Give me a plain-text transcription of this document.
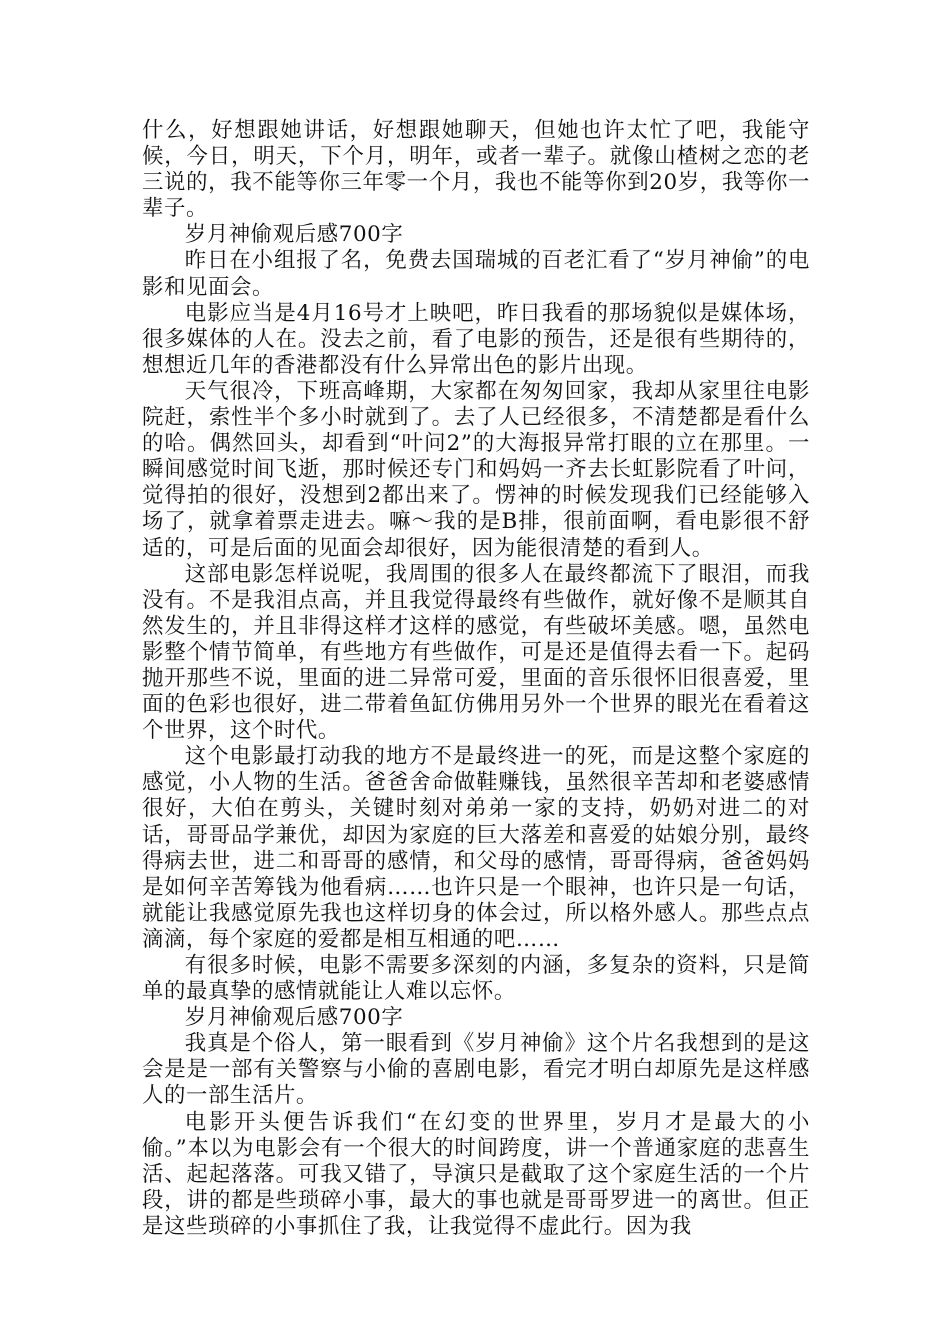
什么，好想跟她讲话，好想跟她聊天，但她也许太忙了吧，我能守候，今日，明天，下个月，明年，或者一辈子。就像山楂树之恋的老三说的，我不能等你三年零一个月，我也不能等你到20岁，我等你一辈子。

岁月神偷观后感700字

昨日在小组报了名，免费去国瑞城的百老汇看了“岁月神偷”的电影和见面会。

电影应当是4月16号才上映吧，昨日我看的那场貌似是媒体场，很多媒体的人在。没去之前，看了电影的预告，还是很有些期待的，想想近几年的香港都没有什么异常出色的影片出现。

天气很冷，下班高峰期，大家都在匆匆回家，我却从家里往电影院赶，索性半个多小时就到了。去了人已经很多，不清楚都是看什么的哈。偶然回头，却看到“叶问2”的大海报异常打眼的立在那里。一瞬间感觉时间飞逝，那时候还专门和妈妈一齐去长虹影院看了叶问，觉得拍的很好，没想到2都出来了。愣神的时候发现我们已经能够入场了，就拿着票走进去。嘛～我的是B排，很前面啊，看电影很不舒适的，可是后面的见面会却很好，因为能很清楚的看到人。

这部电影怎样说呢，我周围的很多人在最终都流下了眼泪，而我没有。不是我泪点高，并且我觉得最终有些做作，就好像不是顺其自然发生的，并且非得这样才这样的感觉，有些破坏美感。嗯，虽然电影整个情节简单，有些地方有些做作，可是还是值得去看一下。起码抛开那些不说，里面的进二异常可爱，里面的音乐很怀旧很喜爱，里面的色彩也很好，进二带着鱼缸仿佛用另外一个世界的眼光在看着这个世界，这个时代。

这个电影最打动我的地方不是最终进一的死，而是这整个家庭的感觉，小人物的生活。爸爸舍命做鞋赚钱，虽然很辛苦却和老婆感情很好，大伯在剪头，关键时刻对弟弟一家的支持，奶奶对进二的对话，哥哥品学兼优，却因为家庭的巨大落差和喜爱的姑娘分别，最终得病去世，进二和哥哥的感情，和父母的感情，哥哥得病，爸爸妈妈是如何辛苦筹钱为他看病……也许只是一个眼神，也许只是一句话，就能让我感觉原先我也这样切身的体会过，所以格外感人。那些点点滴滴，每个家庭的爱都是相互相通的吧……

有很多时候，电影不需要多深刻的内涵，多复杂的资料，只是简单的最真挚的感情就能让人难以忘怀。

岁月神偷观后感700字

我真是个俗人，第一眼看到《岁月神偷》这个片名我想到的是这会是是一部有关警察与小偷的喜剧电影，看完才明白却原先是这样感人的一部生活片。

电影开头便告诉我们“在幻变的世界里，岁月才是最大的小偷。”本以为电影会有一个很大的时间跨度，讲一个普通家庭的悲喜生活、起起落落。可我又错了，导演只是截取了这个家庭生活的一个片段，讲的都是些琐碎小事，最大的事也就是哥哥罗进一的离世。但正是这些琐碎的小事抓住了我，让我觉得不虚此行。因为我
